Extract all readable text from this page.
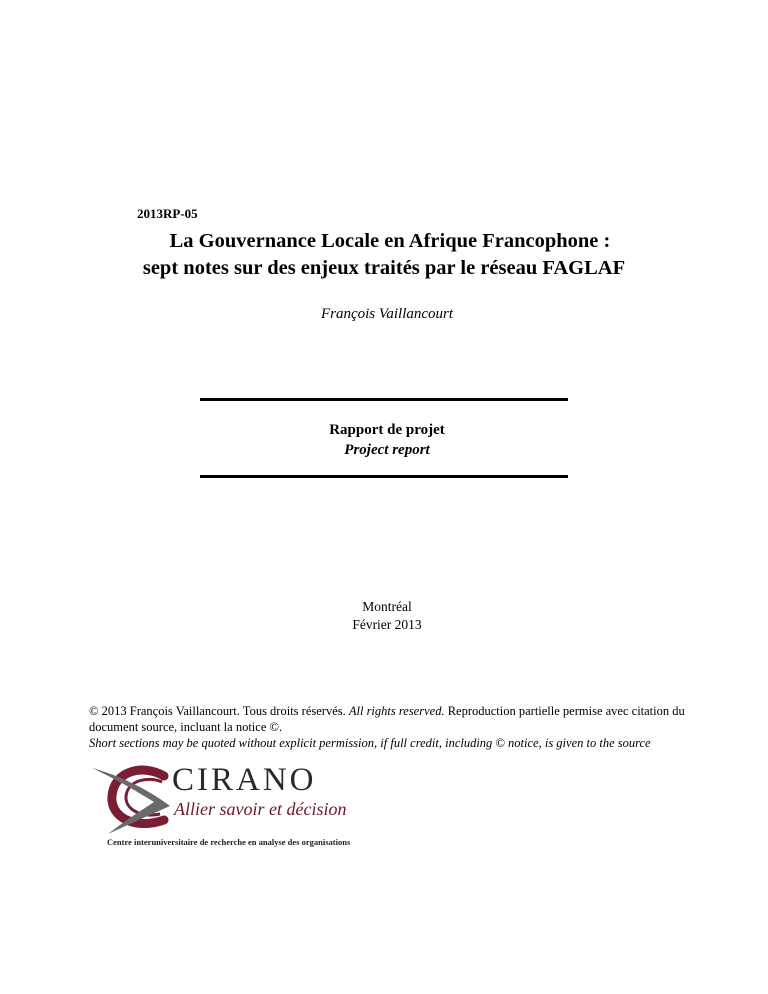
2013RP-05
La Gouvernance Locale en Afrique Francophone :
sept notes sur des enjeux traités par le réseau FAGLAF
François Vaillancourt
Rapport de projet
Project report
Montréal
Février 2013
© 2013 François Vaillancourt. Tous droits réservés. All rights reserved. Reproduction partielle permise avec citation du document source, incluant la notice ©.
Short sections may be quoted without explicit permission, if full credit, including © notice, is given to the source
CIRANO
Allier savoir et décision
Centre interuniversitaire de recherche en analyse des organisations
